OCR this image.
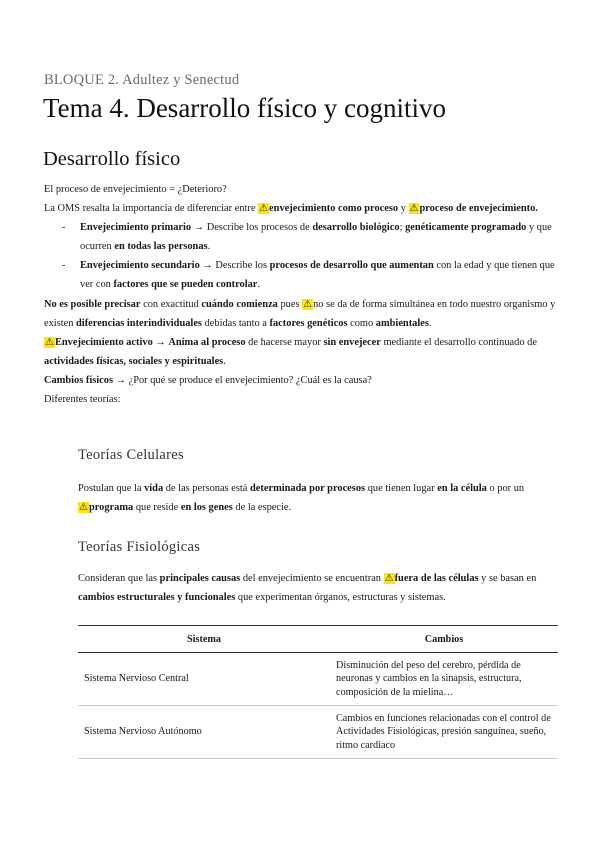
BLOQUE 2. Adultez y Senectud
Tema 4. Desarrollo físico y cognitivo
Desarrollo físico

El proceso de envejecimiento = ¿Deterioro?

La OMS resalta la importancia de diferenciar entre ⚠envejecimiento como proceso y ⚠proceso de envejecimiento.

- Envejecimiento primario → Describe los procesos de desarrollo biológico; genéticamente programado y que ocurren en todas las personas.
- Envejecimiento secundario → Describe los procesos de desarrollo que aumentan con la edad y que tienen que ver con factores que se pueden controlar.

No es posible precisar con exactitud cuándo comienza pues ⚠no se da de forma simultánea en todo nuestro organismo y existen diferencias interindividuales debidas tanto a factores genéticos como ambientales.

⚠Envejecimiento activo → Anima al proceso de hacerse mayor sin envejecer mediante el desarrollo continuado de actividades físicas, sociales y espirituales.

Cambios físicos → ¿Por qué se produce el envejecimiento? ¿Cuál es la causa?

Diferentes teorías:

Teorías Celulares

Postulan que la vida de las personas está determinada por procesos que tienen lugar en la célula o por un ⚠programa que reside en los genes de la especie.

Teorías Fisiológicas

Consideran que las principales causas del envejecimiento se encuentran ⚠fuera de las células y se basan en cambios estructurales y funcionales que experimentan órganos, estructuras y sistemas.

Sistema	Cambios
Sistema Nervioso Central	Disminución del peso del cerebro, pérdida de neuronas y cambios en la sinapsis, estructura, composición de la mielina…
Sistema Nervioso Autónomo	Cambios en funciones relacionadas con el control de Actividades Fisiológicas, presión sanguínea, sueño, ritmo cardiaco
